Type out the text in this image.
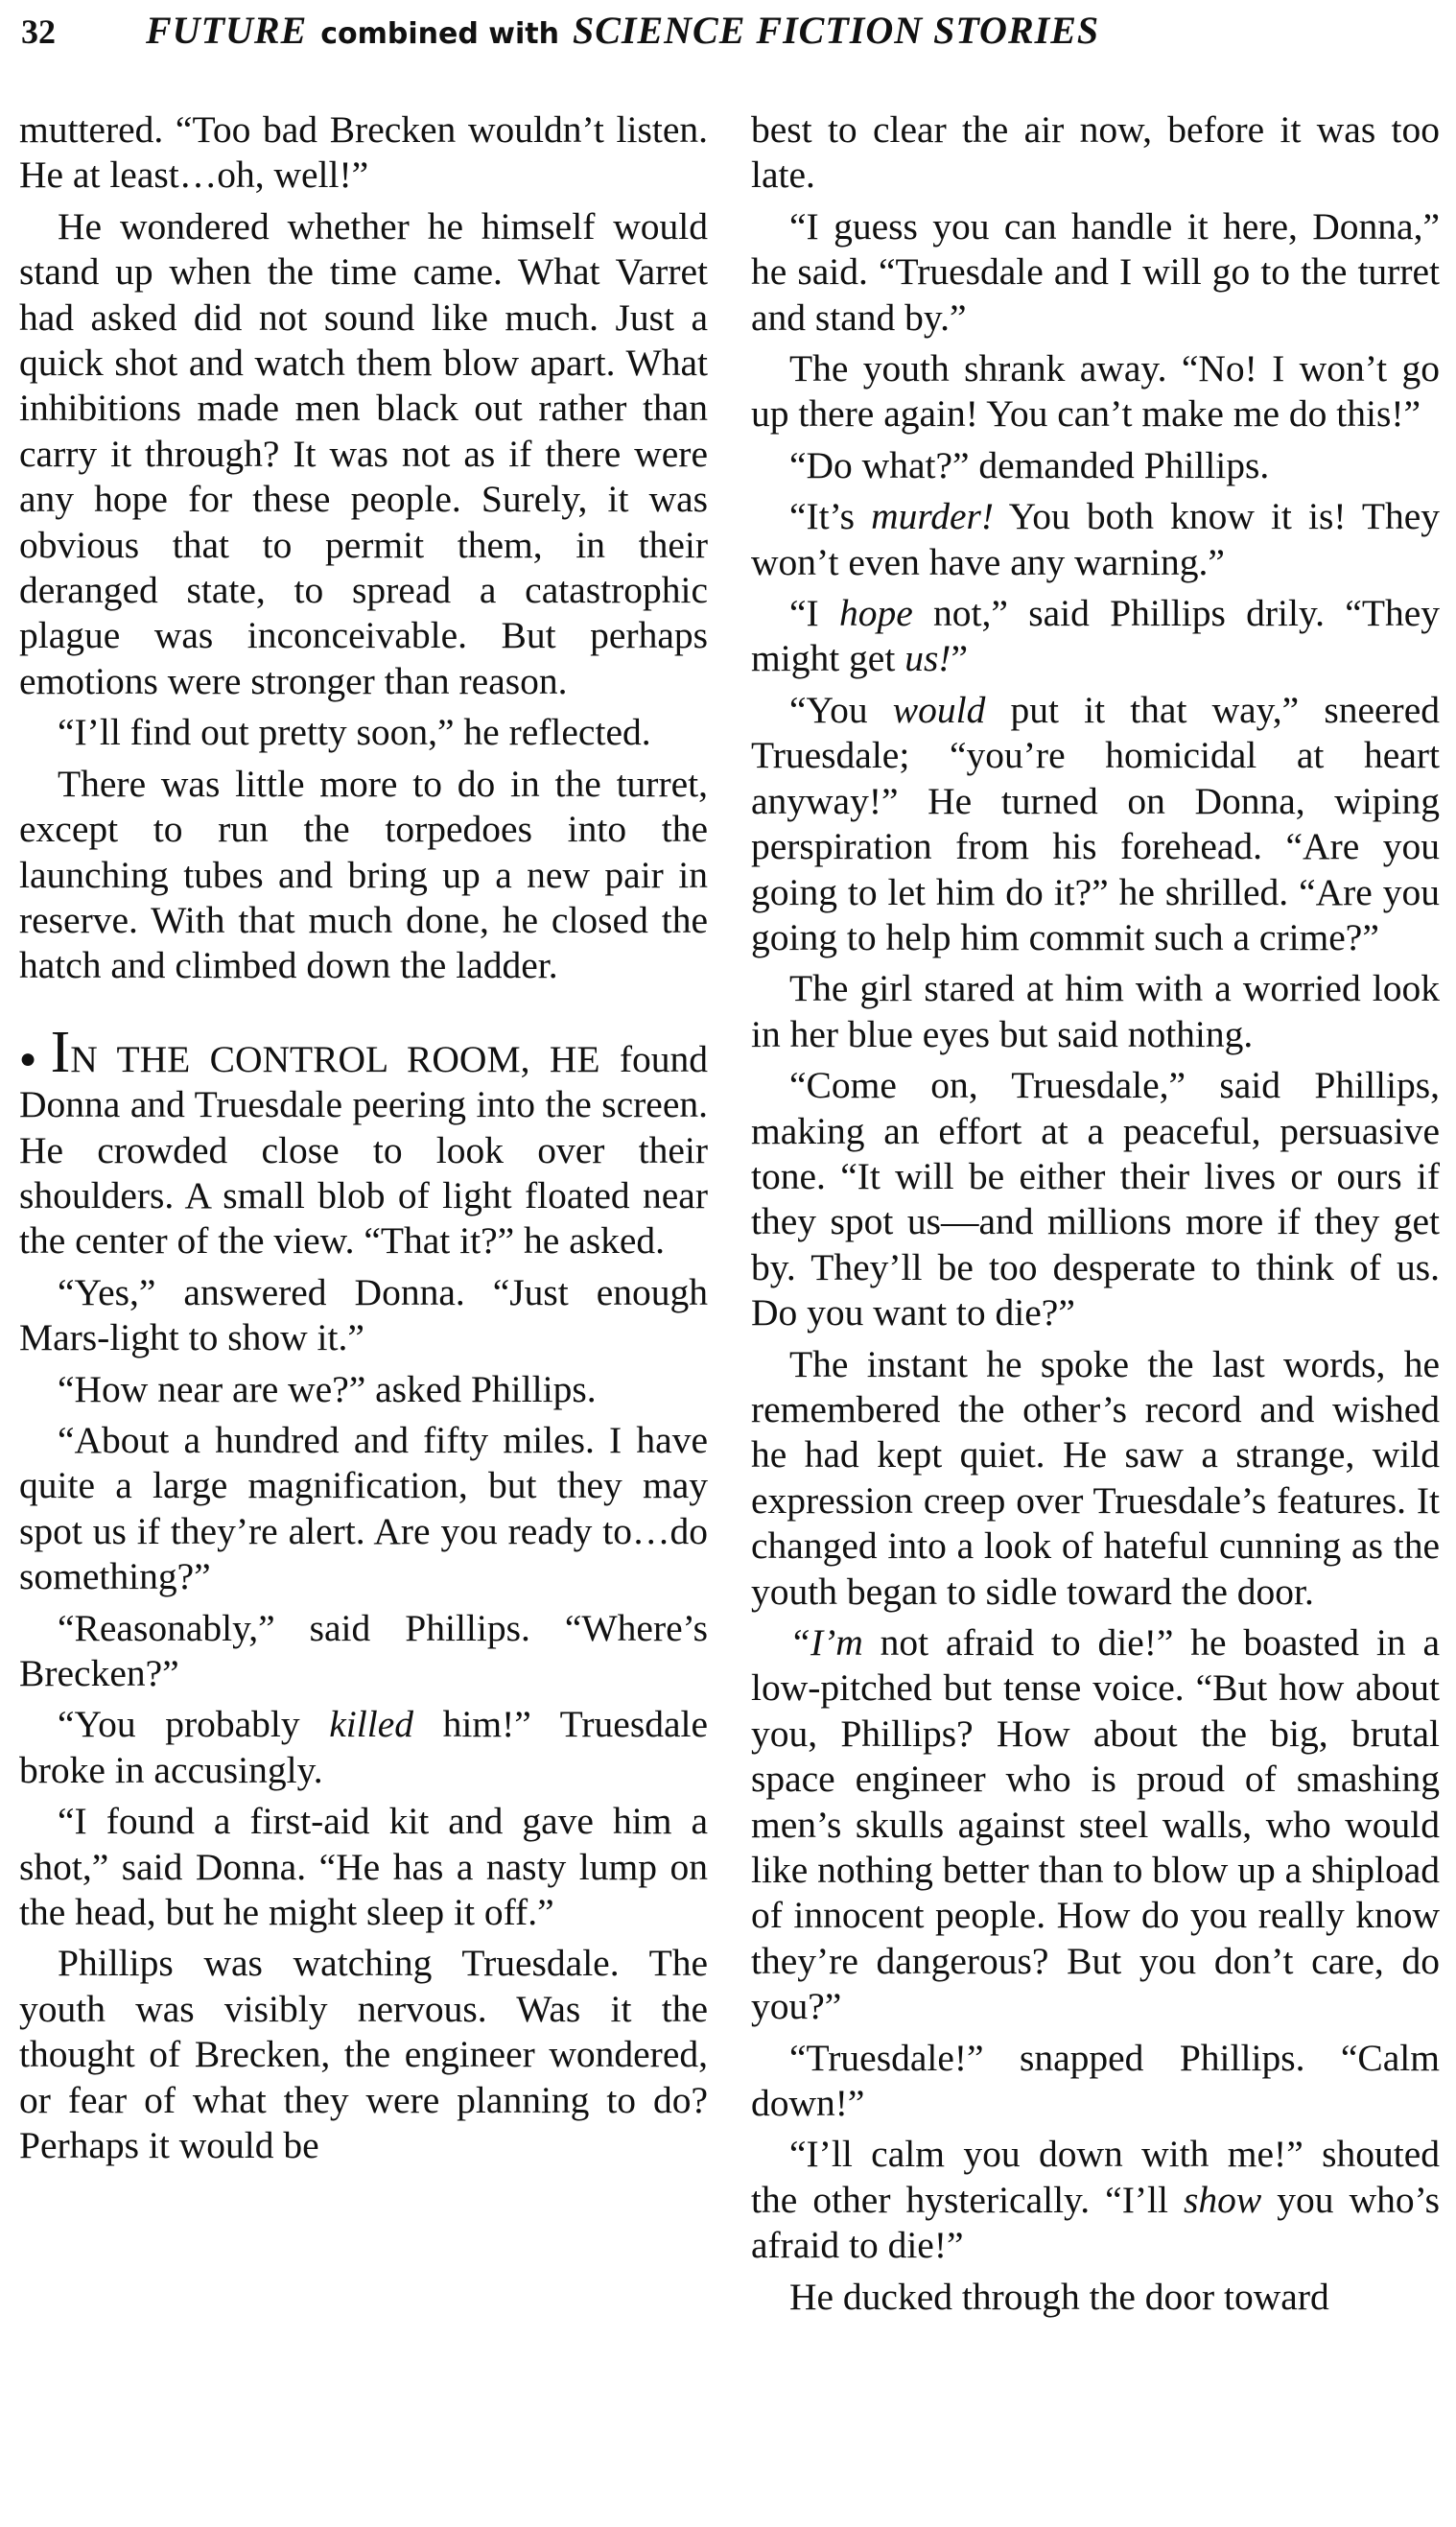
32	FUTURE combined with SCIENCE FICTION STORIES

muttered. “Too bad Brecken wouldn’t listen. He at least…oh, well!”

He wondered whether he himself would stand up when the time came. What Varret had asked did not sound like much. Just a quick shot and watch them blow apart. What inhibitions made men black out rather than carry it through? It was not as if there were any hope for these people. Surely, it was obvious that to permit them, in their deranged state, to spread a catastrophic plague was inconceivable. But perhaps emotions were stronger than reason.

“I’ll find out pretty soon,” he reflected.

There was little more to do in the turret, except to run the torpedoes into the launching tubes and bring up a new pair in reserve. With that much done, he closed the hatch and climbed down the ladder.

●IN THE CONTROL ROOM, HE found Donna and Truesdale peering into the screen. He crowded close to look over their shoulders. A small blob of light floated near the center of the view. “That it?” he asked.

“Yes,” answered Donna. “Just enough Mars-light to show it.”

“How near are we?” asked Phillips.

“About a hundred and fifty miles. I have quite a large magnification, but they may spot us if they’re alert. Are you ready to…do something?”

“Reasonably,” said Phillips. “Where’s Brecken?”

“You probably killed him!” Truesdale broke in accusingly.

“I found a first-aid kit and gave him a shot,” said Donna. “He has a nasty lump on the head, but he might sleep it off.”

Phillips was watching Truesdale. The youth was visibly nervous. Was it the thought of Brecken, the engineer wondered, or fear of what they were planning to do? Perhaps it would be

best to clear the air now, before it was too late.

“I guess you can handle it here, Donna,” he said. “Truesdale and I will go to the turret and stand by.”

The youth shrank away. “No! I won’t go up there again! You can’t make me do this!”

“Do what?” demanded Phillips.

“It’s murder! You both know it is! They won’t even have any warning.”

“I hope not,” said Phillips drily. “They might get us!”

“You would put it that way,” sneered Truesdale; “you’re homicidal at heart anyway!” He turned on Donna, wiping perspiration from his forehead. “Are you going to let him do it?” he shrilled. “Are you going to help him commit such a crime?”

The girl stared at him with a worried look in her blue eyes but said nothing.

“Come on, Truesdale,” said Phillips, making an effort at a peaceful, persuasive tone. “It will be either their lives or ours if they spot us—and millions more if they get by. They’ll be too desperate to think of us. Do you want to die?”

The instant he spoke the last words, he remembered the other’s record and wished he had kept quiet. He saw a strange, wild expression creep over Truesdale’s features. It changed into a look of hateful cunning as the youth began to sidle toward the door.

“I’m not afraid to die!” he boasted in a low-pitched but tense voice. “But how about you, Phillips? How about the big, brutal space engineer who is proud of smashing men’s skulls against steel walls, who would like nothing better than to blow up a shipload of innocent people. How do you really know they’re dangerous? But you don’t care, do you?”

“Truesdale!” snapped Phillips. “Calm down!”

“I’ll calm you down with me!” shouted the other hysterically. “I’ll show you who’s afraid to die!”

He ducked through the door toward
